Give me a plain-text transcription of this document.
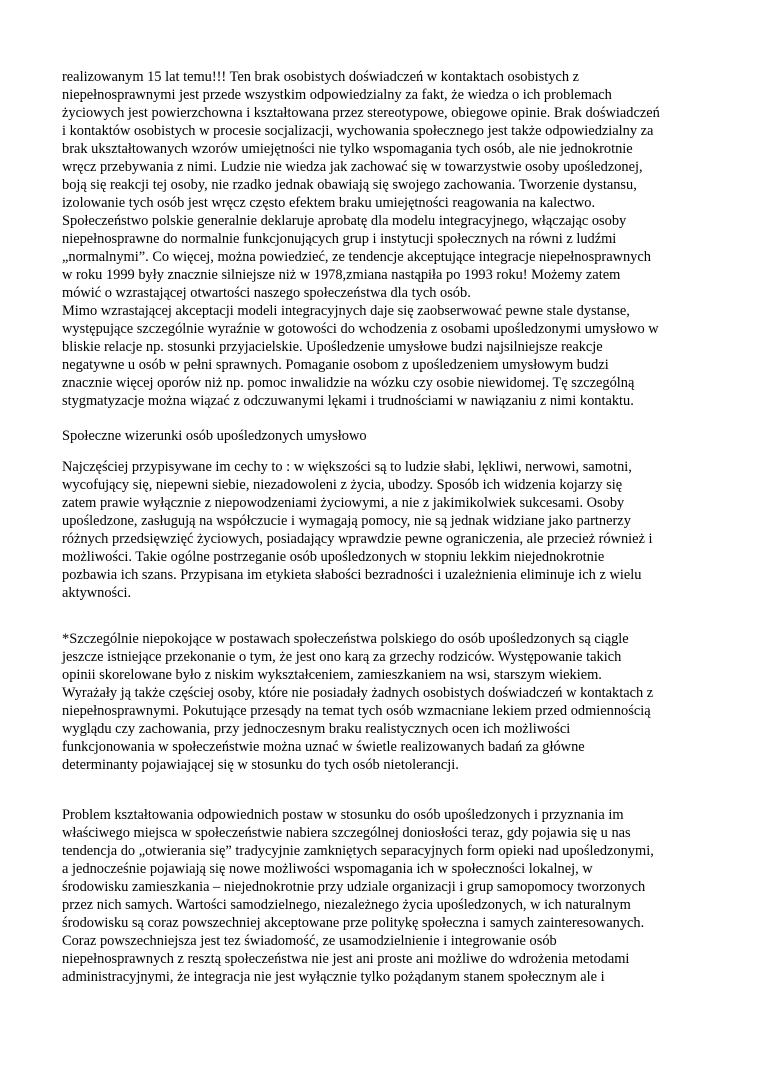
realizowanym 15 lat temu!!! Ten brak osobistych doświadczeń w kontaktach osobistych z
niepełnosprawnymi jest przede wszystkim odpowiedzialny za fakt, że wiedza o ich problemach
życiowych jest powierzchowna i kształtowana przez stereotypowe, obiegowe opinie. Brak doświadczeń
i kontaktów osobistych w procesie socjalizacji, wychowania społecznego jest także odpowiedzialny za
brak ukształtowanych wzorów umiejętności nie tylko wspomagania tych osób, ale nie jednokrotnie
wręcz przebywania z nimi. Ludzie nie wiedza jak zachować się w towarzystwie osoby upośledzonej,
boją się reakcji tej osoby, nie rzadko jednak obawiają się swojego zachowania. Tworzenie dystansu,
izolowanie tych osób jest wręcz często efektem braku umiejętności reagowania na kalectwo.
Społeczeństwo polskie generalnie deklaruje aprobatę dla modelu integracyjnego, włączając osoby
niepełnosprawne do normalnie funkcjonujących grup i instytucji społecznych na równi z ludźmi
„normalnymi”. Co więcej, można powiedzieć, ze tendencje akceptujące integracje niepełnosprawnych
w roku 1999 były znacznie silniejsze niż w 1978,zmiana nastąpiła po 1993 roku! Możemy zatem
mówić o wzrastającej otwartości naszego społeczeństwa dla tych osób.
Mimo wzrastającej akceptacji modeli integracyjnych daje się zaobserwować pewne stale dystanse,
występujące szczególnie wyraźnie w gotowości do wchodzenia z osobami upośledzonymi umysłowo w
bliskie relacje np. stosunki przyjacielskie. Upośledzenie umysłowe budzi najsilniejsze reakcje
negatywne u osób w pełni sprawnych. Pomaganie osobom z upośledzeniem umysłowym budzi
znacznie więcej oporów niż np. pomoc inwalidzie na wózku czy osobie niewidomej. Tę szczególną
stygmatyzacje można wiązać z odczuwanymi lękami i trudnościami w nawiązaniu z nimi kontaktu.
Społeczne wizerunki osób upośledzonych umysłowo
Najczęściej przypisywane im cechy to : w większości są to ludzie słabi, lękliwi, nerwowi, samotni,
wycofujący się, niepewni siebie, niezadowoleni z życia, ubodzy. Sposób ich widzenia kojarzy się
zatem prawie wyłącznie z niepowodzeniami życiowymi, a nie z jakimikolwiek sukcesami. Osoby
upośledzone, zasługują na współczucie i wymagają pomocy, nie są jednak widziane jako partnerzy
różnych przedsięwzięć życiowych, posiadający wprawdzie pewne ograniczenia, ale przecież również i
możliwości. Takie ogólne postrzeganie osób upośledzonych w stopniu lekkim niejednokrotnie
pozbawia ich szans. Przypisana im etykieta słabości bezradności i uzależnienia eliminuje ich z wielu
aktywności.
*Szczególnie niepokojące w postawach społeczeństwa polskiego do osób upośledzonych są ciągle
jeszcze istniejące przekonanie o tym, że jest ono karą za grzechy rodziców. Występowanie takich
opinii skorelowane było z niskim wykształceniem, zamieszkaniem na wsi, starszym wiekiem.
Wyrażały ją także częściej osoby, które nie posiadały żadnych osobistych doświadczeń w kontaktach z
niepełnosprawnymi. Pokutujące przesądy na temat tych osób wzmacniane lekiem przed odmiennością
wyglądu czy zachowania, przy jednoczesnym braku realistycznych ocen ich możliwości
funkcjonowania w społeczeństwie można uznać w świetle realizowanych badań za główne
determinanty pojawiającej się w stosunku do tych osób nietolerancji.
Problem kształtowania odpowiednich postaw w stosunku do osób upośledzonych i przyznania im
właściwego miejsca w społeczeństwie nabiera szczególnej doniosłości teraz, gdy pojawia się u nas
tendencja do „otwierania się” tradycyjnie zamkniętych separacyjnych form opieki nad upośledzonymi,
a jednocześnie pojawiają się nowe możliwości wspomagania ich w społeczności lokalnej, w
środowisku zamieszkania – niejednokrotnie przy udziale organizacji i grup samopomocy tworzonych
przez nich samych. Wartości samodzielnego, niezależnego życia upośledzonych, w ich naturalnym
środowisku są coraz powszechniej akceptowane prze politykę społeczna i samych zainteresowanych.
Coraz powszechniejsza jest tez świadomość, ze usamodzielnienie i integrowanie osób
niepełnosprawnych z resztą społeczeństwa nie jest ani proste ani możliwe do wdrożenia metodami
administracyjnymi, że integracja nie jest wyłącznie tylko pożądanym stanem społecznym ale i
